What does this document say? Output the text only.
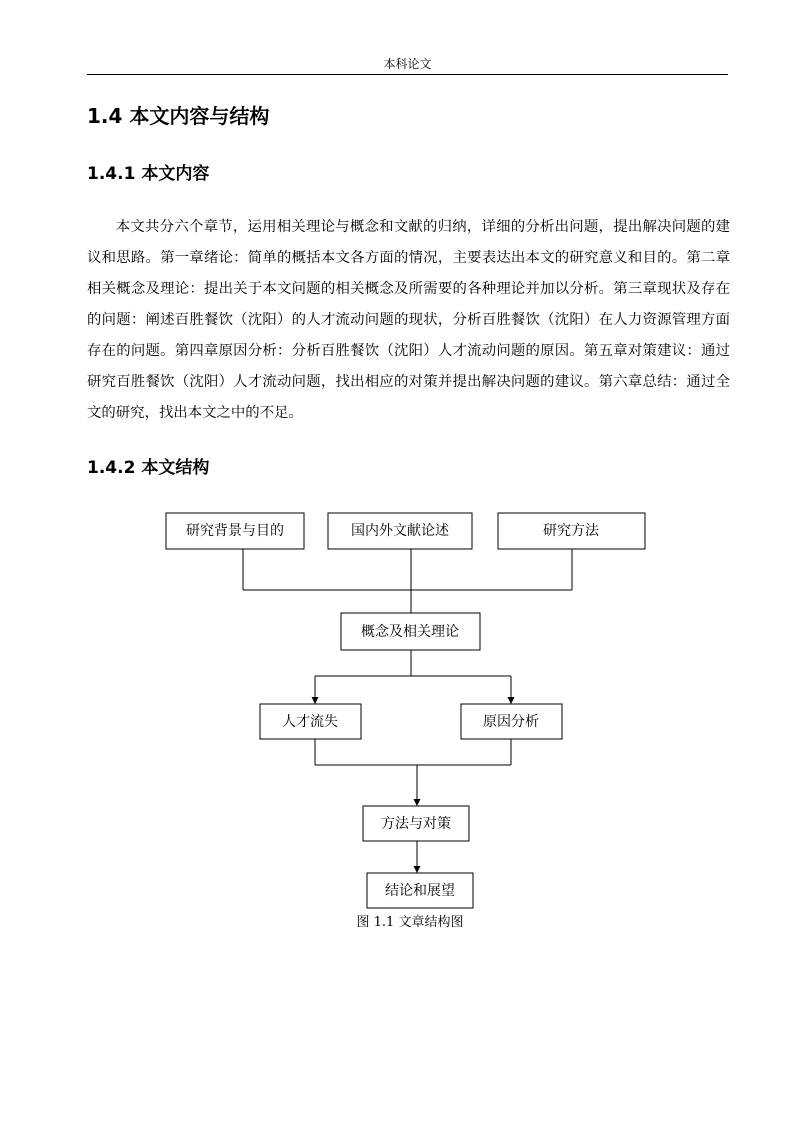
本科论文
1.4 本文内容与结构
1.4.1 本文内容

本文共分六个章节，运用相关理论与概念和文献的归纳，详细的分析出问题，提出解决问题的建议和思路。第一章绪论：简单的概括本文各方面的情况，主要表达出本文的研究意义和目的。第二章相关概念及理论：提出关于本文问题的相关概念及所需要的各种理论并加以分析。第三章现状及存在的问题：阐述百胜餐饮（沈阳）的人才流动问题的现状，分析百胜餐饮（沈阳）在人力资源管理方面存在的问题。第四章原因分析：分析百胜餐饮（沈阳）人才流动问题的原因。第五章对策建议：通过研究百胜餐饮（沈阳）人才流动问题，找出相应的对策并提出解决问题的建议。第六章总结：通过全文的研究，找出本文之中的不足。

1.4.2 本文结构
研究背景与目的	国内外文献论述	研究方法
概念及相关理论
人才流失	原因分析
方法与对策
结论和展望
图 1.1 文章结构图
